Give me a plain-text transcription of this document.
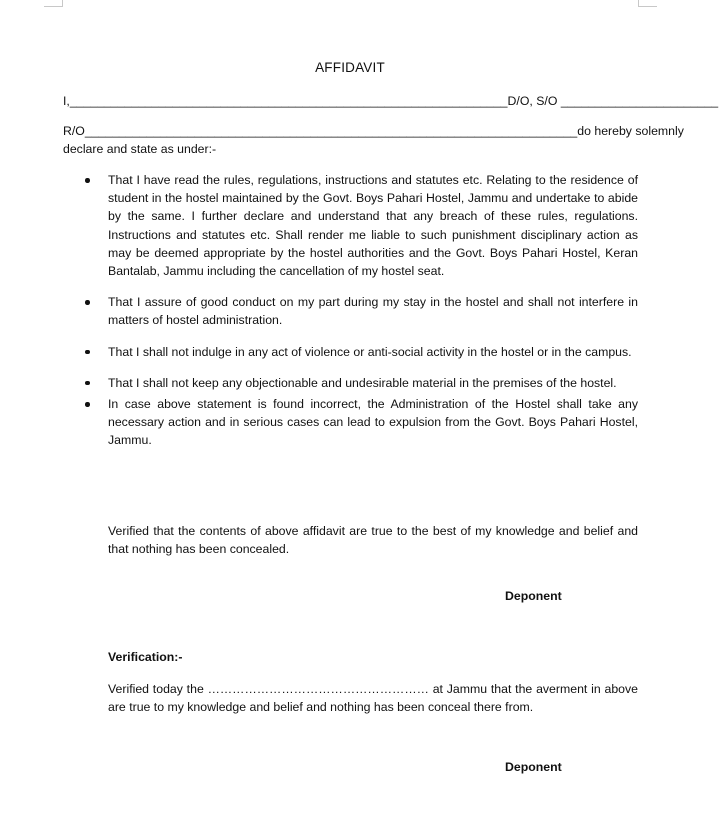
AFFIDAVIT
I,________________________________________________________________D/O, S/O _______________________
R/O________________________________________________________________________do hereby solemnly
declare and state as under:-
That I have read the rules, regulations, instructions and statutes etc. Relating to the residence of student in the hostel maintained by the Govt. Boys Pahari Hostel, Jammu and undertake to abide by the same. I further declare and understand that any breach of these rules, regulations. Instructions and statutes etc. Shall render me liable to such punishment disciplinary action as may be deemed appropriate by the hostel authorities and the Govt. Boys Pahari Hostel, Keran Bantalab, Jammu including the cancellation of my hostel seat.
That I assure of good conduct on my part during my stay in the hostel and shall not interfere in matters of hostel administration.
That I shall not indulge in any act of violence or anti-social activity in the hostel or in the campus.
That I shall not keep any objectionable and undesirable material in the premises of the hostel.
In case above statement is found incorrect, the Administration of the Hostel shall take any necessary action and in serious cases can lead to expulsion from the Govt. Boys Pahari Hostel, Jammu.
Verified that the contents of above affidavit are true to the best of my knowledge and belief and that nothing has been concealed.
Deponent
Verification:-
Verified today the ……………………………………………… at Jammu that the averment in above are true to my knowledge and belief and nothing has been conceal there from.
Deponent
